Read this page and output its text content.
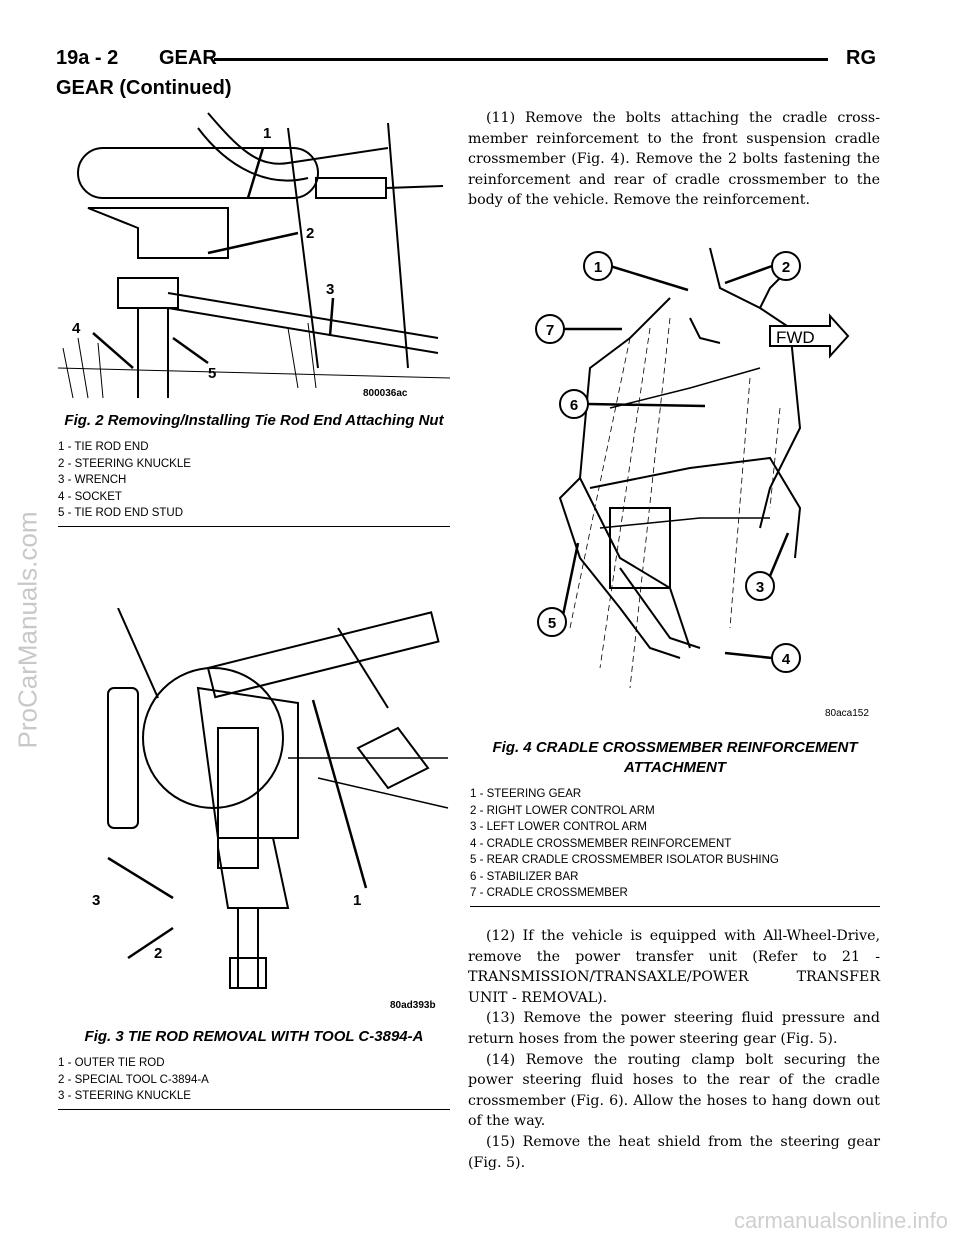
19a - 2 GEAR	RG
GEAR (Continued)
ProCarManuals.com
1
2
3
4
5
800036ac
Fig. 2 Removing/Installing Tie Rod End Attaching Nut
1 - TIE ROD END
2 - STEERING KNUCKLE
3 - WRENCH
4 - SOCKET
5 - TIE ROD END STUD
3	1
2
80ad393b
Fig. 3 TIE ROD REMOVAL WITH TOOL C-3894-A
1 - OUTER TIE ROD
2 - SPECIAL TOOL C-3894-A
3 - STEERING KNUCKLE

(11) Remove the bolts attaching the cradle cross-member reinforcement to the front suspension cradle crossmember (Fig. 4). Remove the 2 bolts fastening the reinforcement and rear of cradle crossmember to the body of the vehicle. Remove the reinforcement.

FWD
1	2
7
6
3
5
4
80aca152
Fig. 4 CRADLE CROSSMEMBER REINFORCEMENT ATTACHMENT
1 - STEERING GEAR
2 - RIGHT LOWER CONTROL ARM
3 - LEFT LOWER CONTROL ARM
4 - CRADLE CROSSMEMBER REINFORCEMENT
5 - REAR CRADLE CROSSMEMBER ISOLATOR BUSHING
6 - STABILIZER BAR
7 - CRADLE CROSSMEMBER

(12) If the vehicle is equipped with All-Wheel-Drive, remove the power transfer unit (Refer to 21 - TRANSMISSION/TRANSAXLE/POWER TRANSFER UNIT - REMOVAL).

(13) Remove the power steering fluid pressure and return hoses from the power steering gear (Fig. 5).

(14) Remove the routing clamp bolt securing the power steering fluid hoses to the rear of the cradle crossmember (Fig. 6). Allow the hoses to hang down out of the way.

(15) Remove the heat shield from the steering gear (Fig. 5).

carmanualsonline.info
